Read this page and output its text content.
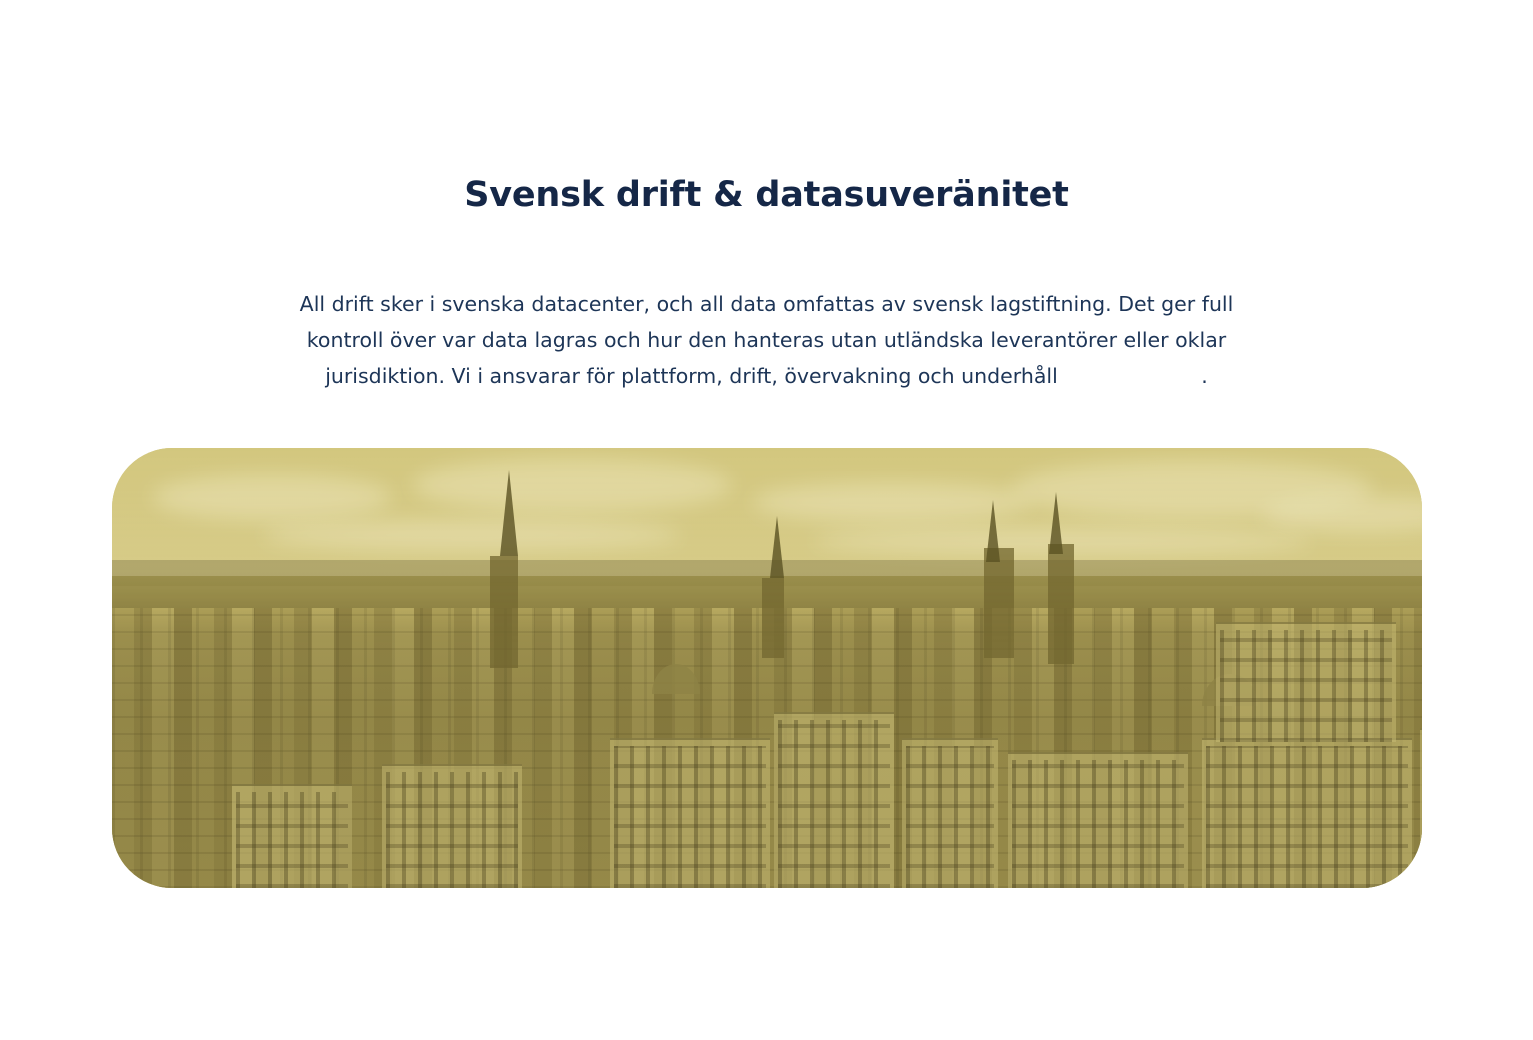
Svensk drift & datasuveränitet

All drift sker i svenska datacenter, och all data omfattas av svensk lagstiftning. Det ger full kontroll över var data lagras och hur den hanteras utan utländska leverantörer eller oklar jurisdiktion. Vi i ansvarar för plattform, drift, övervakning och underhåll	.
